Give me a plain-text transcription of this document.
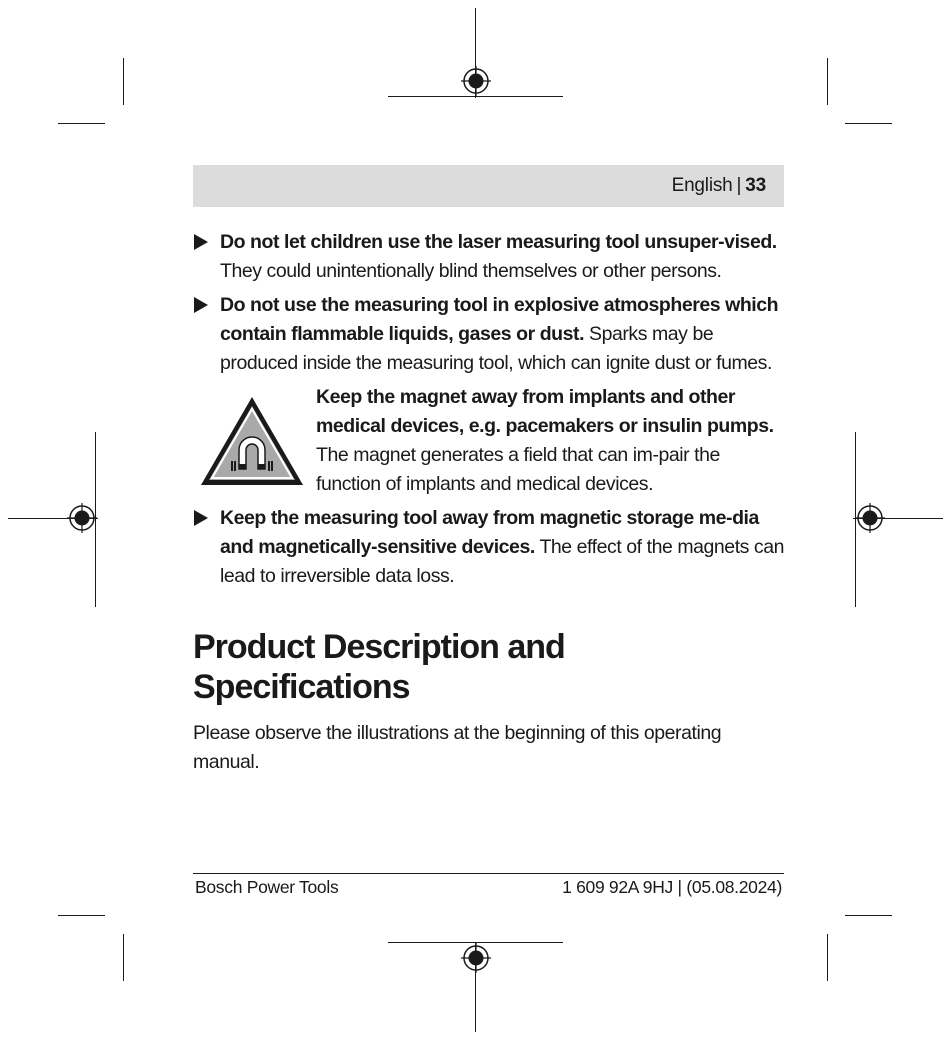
English | 33
Do not let children use the laser measuring tool unsuper-vised. They could unintentionally blind themselves or other persons.
Do not use the measuring tool in explosive atmospheres which contain flammable liquids, gases or dust. Sparks may be produced inside the measuring tool, which can ignite dust or fumes.
Keep the magnet away from implants and other medical devices, e.g. pacemakers or insulin pumps. The magnet generates a field that can im-pair the function of implants and medical devices.
Keep the measuring tool away from magnetic storage me-dia and magnetically-sensitive devices. The effect of the magnets can lead to irreversible data loss.
Product Description and Specifications

Please observe the illustrations at the beginning of this operating manual.

Bosch Power Tools	1 609 92A 9HJ | (05.08.2024)
